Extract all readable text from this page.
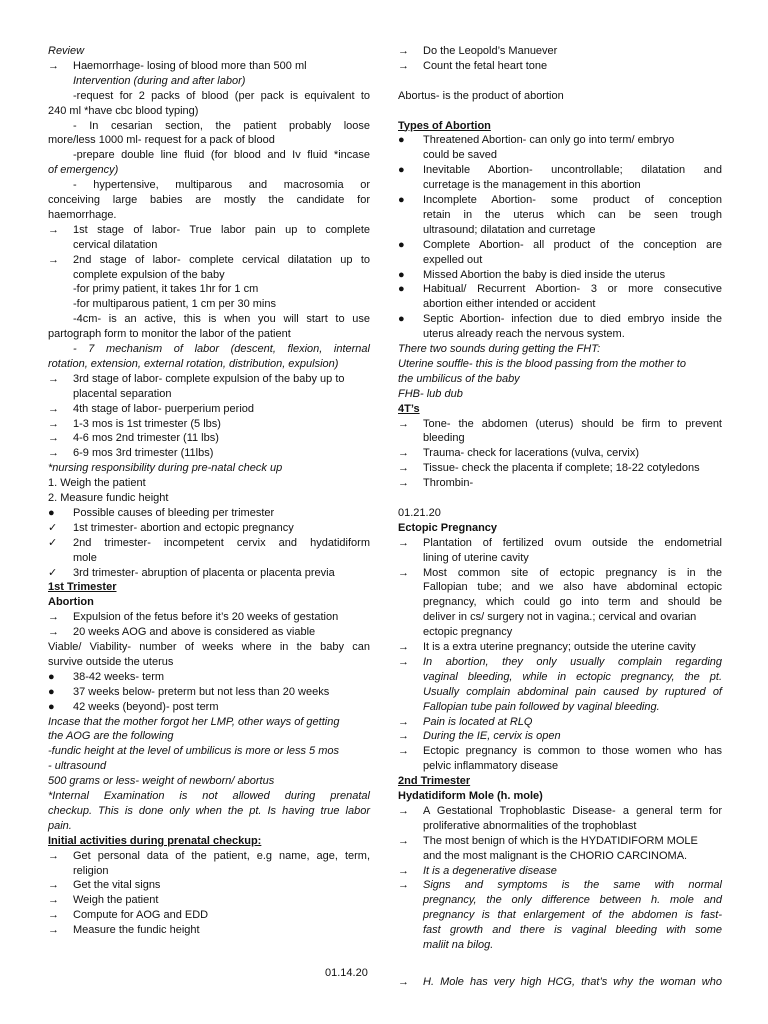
Review
→	Haemorrhage- losing of blood more than 500 ml
Intervention (during and after labor)
-request for 2 packs of blood (per pack is equivalent to
240 ml *have cbc blood typing)
- In cesarian section, the patient probably loose
more/less 1000 ml- request for a pack of blood
-prepare double line fluid (for blood and Iv fluid *incase
of emergency)
- hypertensive, multiparous and macrosomia or
conceiving large babies are mostly the candidate for
haemorrhage.
→	1st stage of labor- True labor pain up to complete
cervical dilatation
→	2nd stage of labor- complete cervical dilatation up to
complete expulsion of the baby
-for primy patient, it takes 1hr for 1 cm
-for multiparous patient, 1 cm per 30 mins
-4cm- is an active, this is when you will start to use
partograph form to monitor the labor of the patient
- 7 mechanism of labor (descent, flexion, internal
rotation, extension, external rotation, distribution, expulsion)
→	3rd stage of labor- complete expulsion of the baby up to
placental separation
→	4th stage of labor- puerperium period
→	1-3 mos is 1st trimester (5 lbs)
→	4-6 mos 2nd trimester (11 lbs)
→	6-9 mos 3rd trimester (11lbs)
*nursing responsibility during pre-natal check up
1. Weigh the patient
2. Measure fundic height
●	Possible causes of bleeding per trimester
✓	1st trimester- abortion and ectopic pregnancy
✓	2nd trimester- incompetent cervix and hydatidiform
mole
✓	3rd trimester- abruption of placenta or placenta previa
1st Trimester
Abortion
→	Expulsion of the fetus before it’s 20 weeks of gestation
→	20 weeks AOG and above is considered as viable
Viable/ Viability- number of weeks where in the baby can
survive outside the uterus
●	38-42 weeks- term
●	37 weeks below- preterm but not less than 20 weeks
●	42 weeks (beyond)- post term
Incase that the mother forgot her LMP, other ways of getting
the AOG are the following
-fundic height at the level of umbilicus is more or less 5 mos
- ultrasound
500 grams or less- weight of newborn/ abortus
*Internal Examination is not allowed during prenatal
checkup. This is done only when the pt. Is having true labor
pain.
Initial activities during prenatal checkup:
→	Get personal data of the patient, e.g name, age, term,
religion
→	Get the vital signs
→	Weigh the patient
→	Compute for AOG and EDD
→	Measure the fundic height
→	Do the Leopold’s Manuever
→	Count the fetal heart tone
Abortus- is the product of abortion
Types of Abortion
●	Threatened Abortion- can only go into term/ embryo
could be saved
●	Inevitable Abortion- uncontrollable; dilatation and
curretage is the management in this abortion
●	Incomplete Abortion- some product of conception
retain in the uterus which can be seen trough
ultrasound; dilatation and curretage
●	Complete Abortion- all product of the conception are
expelled out
●	Missed Abortion the baby is died inside the uterus
●	Habitual/ Recurrent Abortion- 3 or more consecutive
abortion either intended or accident
●	Septic Abortion- infection due to died embryo inside the
uterus already reach the nervous system.
There two sounds during getting the FHT:
Uterine souffle- this is the blood passing from the mother to
the umbilicus of the baby
FHB- lub dub
4T’s
→	Tone- the abdomen (uterus) should be firm to prevent
bleeding
→	Trauma- check for lacerations (vulva, cervix)
→	Tissue- check the placenta if complete; 18-22 cotyledons
→	Thrombin-
01.21.20
Ectopic Pregnancy
→	Plantation of fertilized ovum outside the endometrial
lining of uterine cavity
→	Most common site of ectopic pregnancy is in the
Fallopian tube; and we also have abdominal ectopic
pregnancy, which could go into term and should be
deliver in cs/ surgery not in vagina.; cervical and ovarian
ectopic pregnancy
→	It is a extra uterine pregnancy; outside the uterine cavity
→	In abortion, they only usually complain regarding
vaginal bleeding, while in ectopic pregnancy, the pt.
Usually complain abdominal pain caused by ruptured of
Fallopian tube pain followed by vaginal bleeding.
→	Pain is located at RLQ
→	During the IE, cervix is open
→	Ectopic pregnancy is common to those women who has
pelvic inflammatory disease
2nd Trimester
Hydatidiform Mole (h. mole)
→	A Gestational Trophoblastic Disease- a general term for
proliferative abnormalities of the trophoblast
→	The most benign of which is the HYDATIDIFORM MOLE
and the most malignant is the CHORIO CARCINOMA.
→	It is a degenerative disease
→	Signs and symptoms is the same with normal
pregnancy, the only difference between h. mole and
pregnancy is that enlargement of the abdomen is fast-
fast growth and there is vaginal bleeding with some
maliit na bilog.
→	H. Mole has very high HCG, that’s why the woman who
01.14.20
